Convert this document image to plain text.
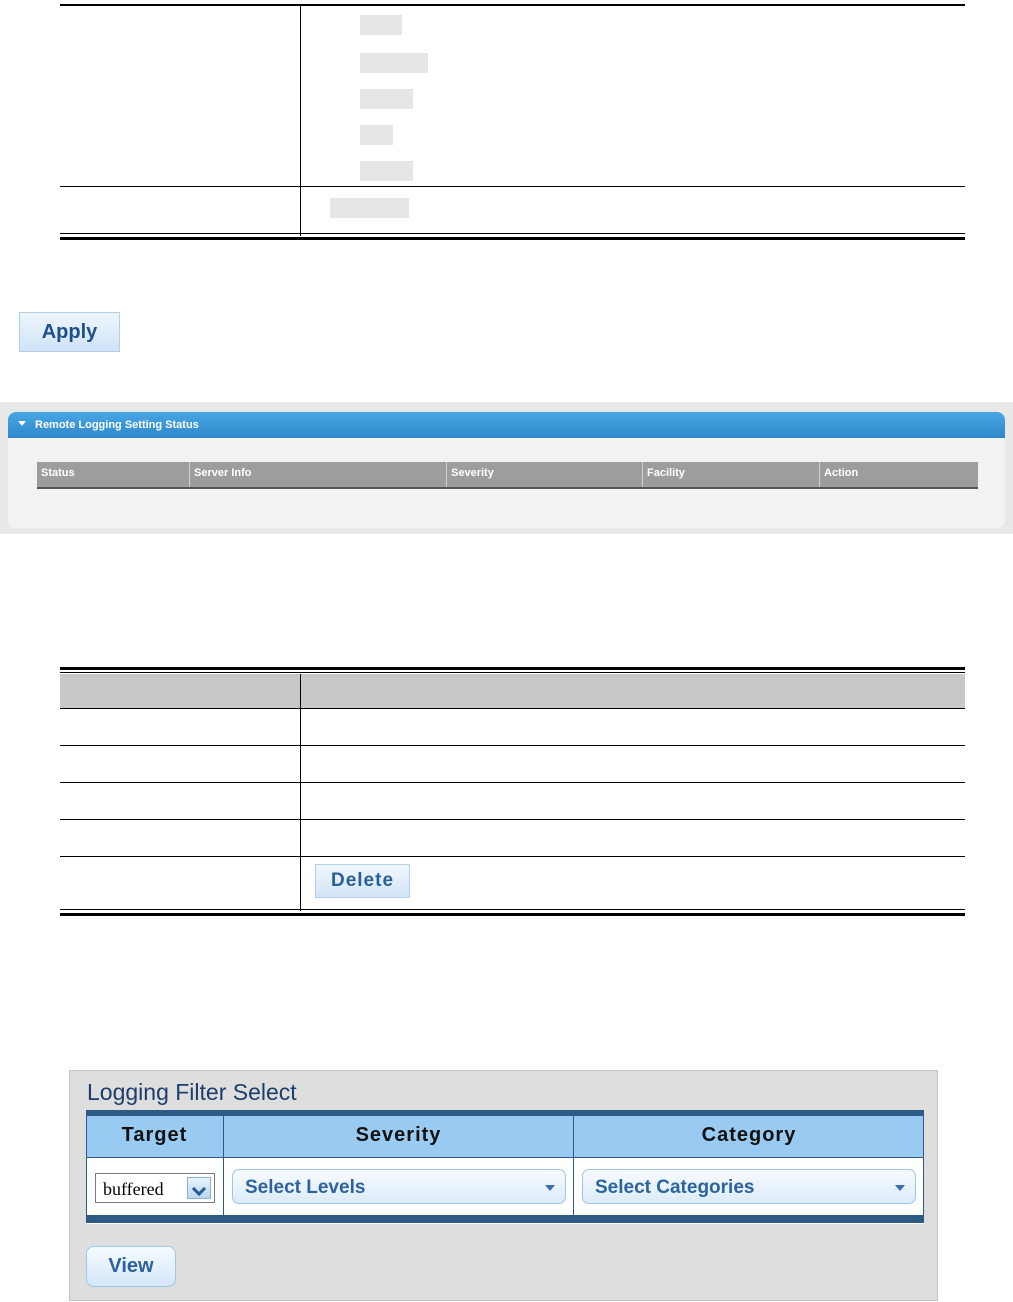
Apply
Remote Logging Setting Status
Status	Server Info	Severity	Facility	Action
Delete
Logging Filter Select
Target	Severity	Category
buffered	Select Levels	Select Categories
View
